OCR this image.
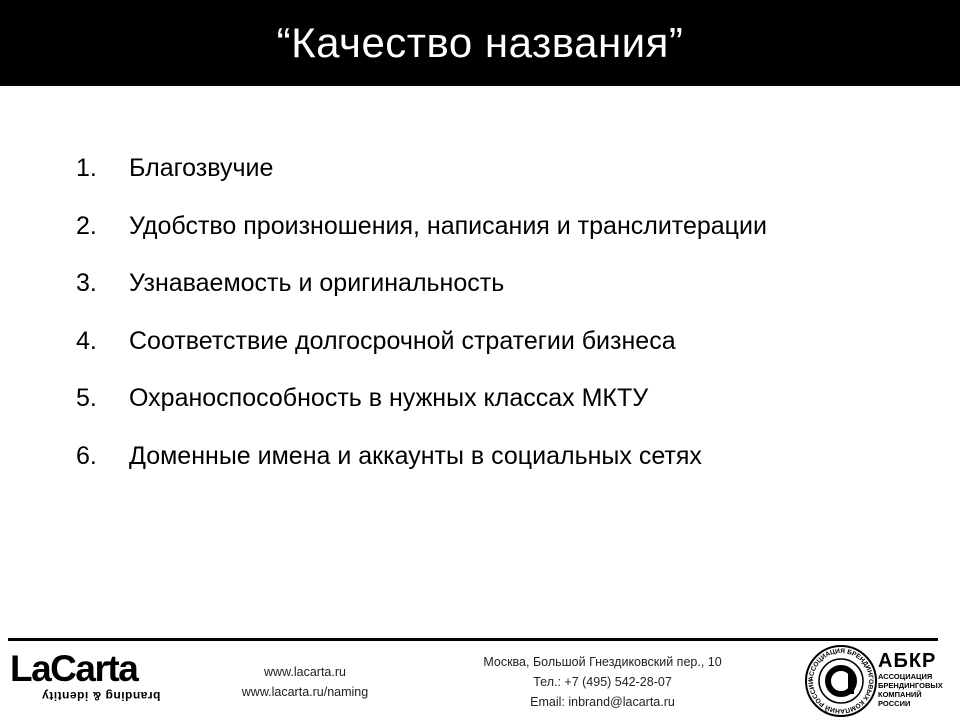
“Качество названия”
1. Благозвучие
2. Удобство произношения, написания и транслитерации
3. Узнаваемость и оригинальность
4. Соответствие долгосрочной стратегии бизнеса
5. Охраноспособность в нужных классах МКТУ
6. Доменные имена и аккаунты в социальных сетях
LaCarta
branding & identity
www.lacarta.ru
www.lacarta.ru/naming
Москва, Большой Гнездиковский пер., 10
Тел.: +7 (495) 542-28-07
Email: inbrand@lacarta.ru
АССОЦИАЦИЯ БРЕНДИНГОВЫХ КОМПАНИЙ РОССИИ
АБКР
АССОЦИАЦИЯ
БРЕНДИНГОВЫХ
КОМПАНИЙ
РОССИИ
